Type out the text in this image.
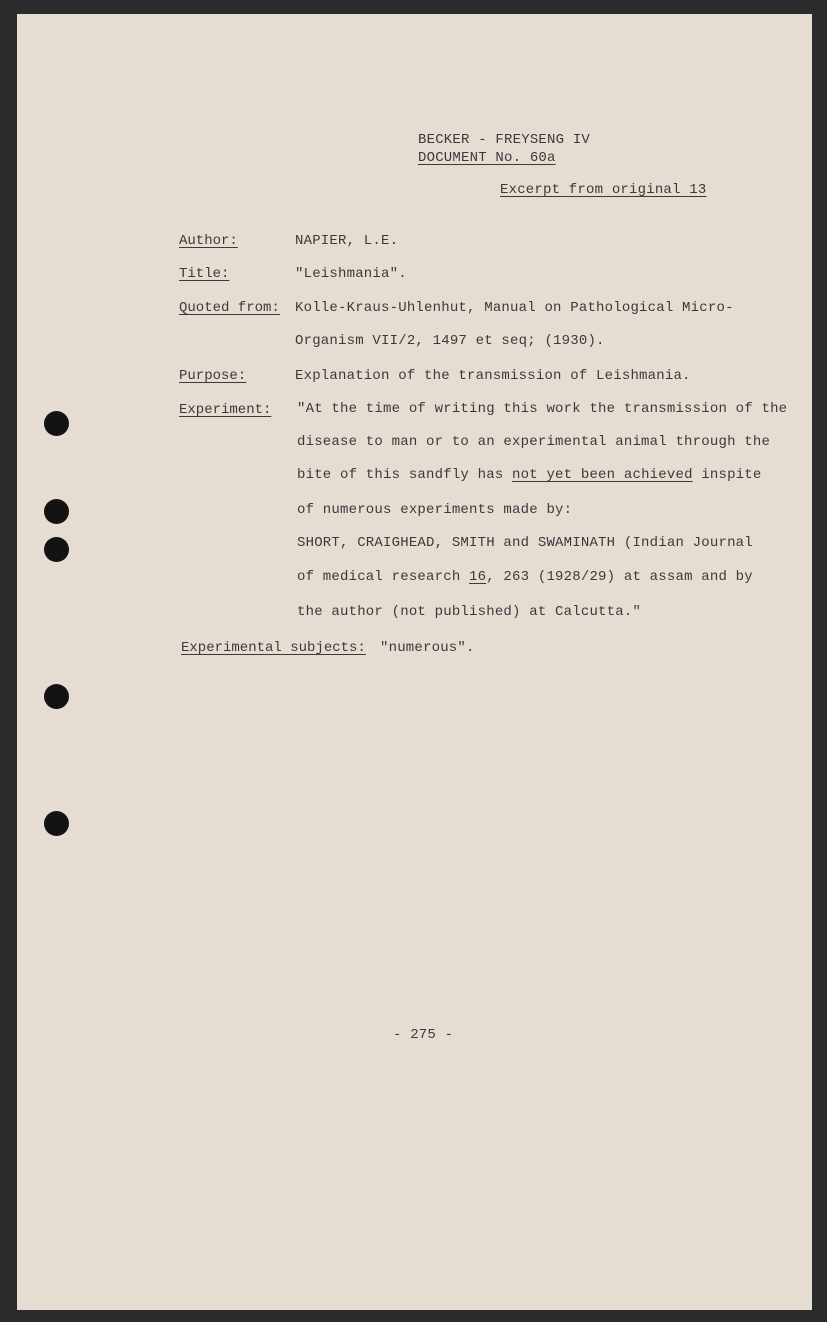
BECKER - FREYSENG IV
DOCUMENT No. 60a
Excerpt from original 13
Author:	NAPIER, L.E.
Title:	"Leishmania".
Quoted from: Kolle-Kraus-Uhlenhut, Manual on Pathological Micro-
Organism VII/2, 1497 et seq; (1930).
Purpose:	Explanation of the transmission of Leishmania.
Experiment: "At the time of writing this work the transmission of the
disease to man or to an experimental animal through the
bite of this sandfly has not yet been achieved inspite
of numerous experiments made by:
SHORT, CRAIGHEAD, SMITH and SWAMINATH (Indian Journal
of medical research 16, 263 (1928/29) at assam and by
the author (not published) at Calcutta."
Experimental subjects: "numerous".
- 275 -
